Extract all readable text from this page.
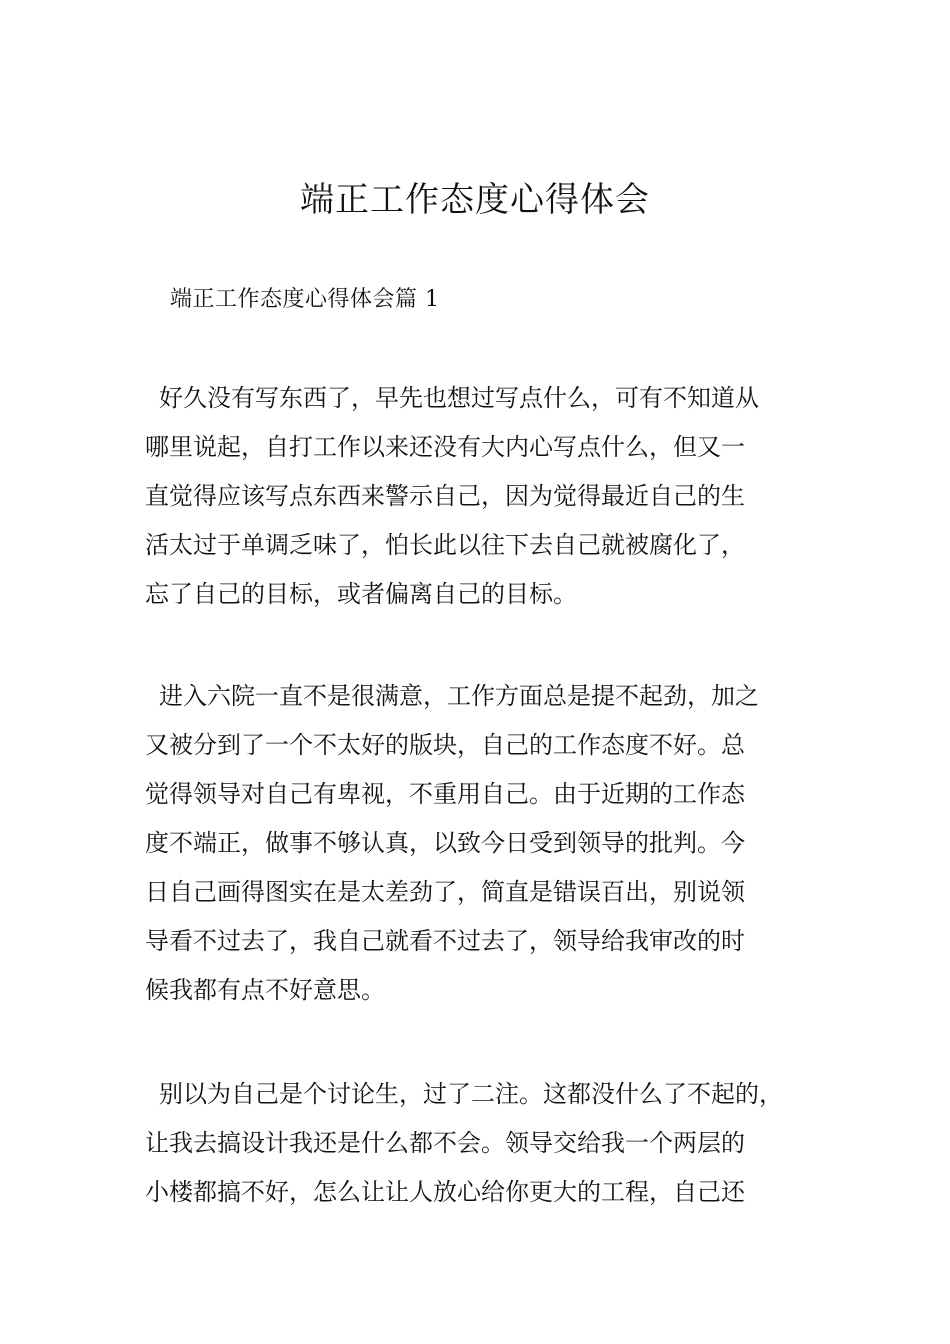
端正工作态度心得体会
端正工作态度心得体会篇 1
好久没有写东西了，早先也想过写点什么，可有不知道从
哪里说起，自打工作以来还没有大内心写点什么，但又一
直觉得应该写点东西来警示自己，因为觉得最近自己的生
活太过于单调乏味了，怕长此以往下去自己就被腐化了，
忘了自己的目标，或者偏离自己的目标。
进入六院一直不是很满意，工作方面总是提不起劲，加之
又被分到了一个不太好的版块，自己的工作态度不好。总
觉得领导对自己有卑视，不重用自己。由于近期的工作态
度不端正，做事不够认真，以致今日受到领导的批判。今
日自己画得图实在是太差劲了，简直是错误百出，别说领
导看不过去了，我自己就看不过去了，领导给我审改的时
候我都有点不好意思。
别以为自己是个讨论生，过了二注。这都没什么了不起的，
让我去搞设计我还是什么都不会。领导交给我一个两层的
小楼都搞不好，怎么让让人放心给你更大的工程，自己还
